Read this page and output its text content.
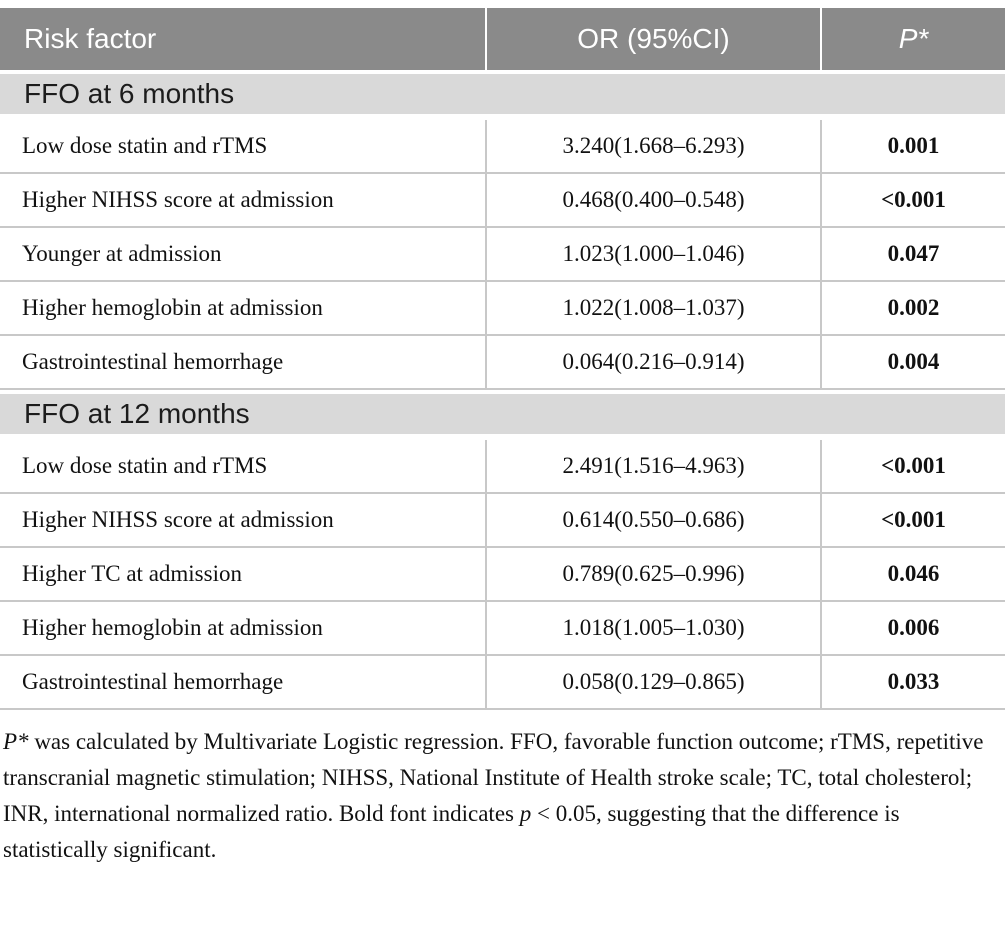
Risk factor	OR (95%CI)	P*
FFO at 6 months		
Low dose statin and rTMS	3.240(1.668–6.293)	0.001
Higher NIHSS score at admission	0.468(0.400–0.548)	<0.001
Younger at admission	1.023(1.000–1.046)	0.047
Higher hemoglobin at admission	1.022(1.008–1.037)	0.002
Gastrointestinal hemorrhage	0.064(0.216–0.914)	0.004
FFO at 12 months		
Low dose statin and rTMS	2.491(1.516–4.963)	<0.001
Higher NIHSS score at admission	0.614(0.550–0.686)	<0.001
Higher TC at admission	0.789(0.625–0.996)	0.046
Higher hemoglobin at admission	1.018(1.005–1.030)	0.006
Gastrointestinal hemorrhage	0.058(0.129–0.865)	0.033

P* was calculated by Multivariate Logistic regression. FFO, favorable function outcome; rTMS, repetitive transcranial magnetic stimulation; NIHSS, National Institute of Health stroke scale; TC, total cholesterol; INR, international normalized ratio. Bold font indicates p < 0.05, suggesting that the difference is statistically significant.
